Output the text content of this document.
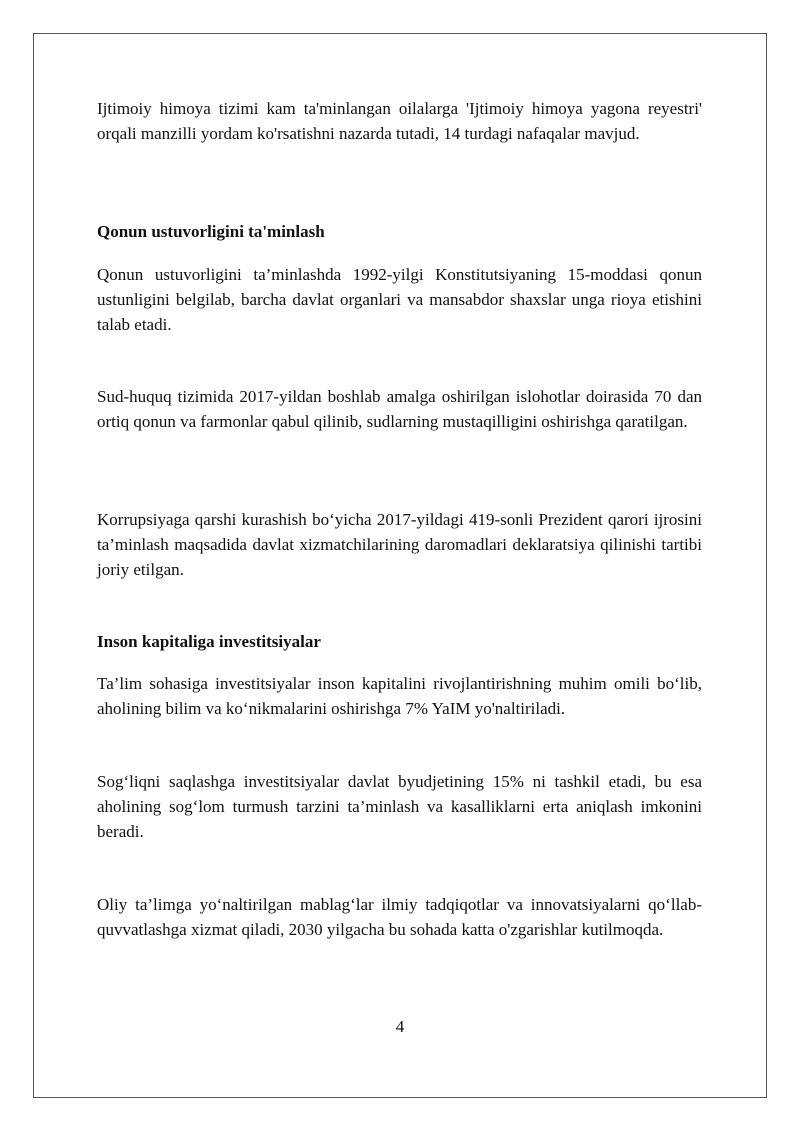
Ijtimoiy himoya tizimi kam ta'minlangan oilalarga 'Ijtimoiy himoya yagona reyestri' orqali manzilli yordam ko'rsatishni nazarda tutadi, 14 turdagi nafaqalar mavjud.

Qonun ustuvorligini ta'minlash

Qonun ustuvorligini ta’minlashda 1992-yilgi Konstitutsiyaning 15-moddasi qonun ustunligini belgilab, barcha davlat organlari va mansabdor shaxslar unga rioya etishini talab etadi.

Sud-huquq tizimida 2017-yildan boshlab amalga oshirilgan islohotlar doirasida 70 dan ortiq qonun va farmonlar qabul qilinib, sudlarning mustaqilligini oshirishga qaratilgan.

Korrupsiyaga qarshi kurashish bo‘yicha 2017-yildagi 419-sonli Prezident qarori ijrosini ta’minlash maqsadida davlat xizmatchilarining daromadlari deklaratsiya qilinishi tartibi joriy etilgan.

Inson kapitaliga investitsiyalar

Ta’lim sohasiga investitsiyalar inson kapitalini rivojlantirishning muhim omili bo‘lib, aholining bilim va ko‘nikmalarini oshirishga 7% YaIM yo'naltiriladi.

Sog‘liqni saqlashga investitsiyalar davlat byudjetining 15% ni tashkil etadi, bu esa aholining sog‘lom turmush tarzini ta’minlash va kasalliklarni erta aniqlash imkonini beradi.

Oliy ta’limga yo‘naltirilgan mablag‘lar ilmiy tadqiqotlar va innovatsiyalarni qo‘llab-quvvatlashga xizmat qiladi, 2030 yilgacha bu sohada katta o'zgarishlar kutilmoqda.

4
